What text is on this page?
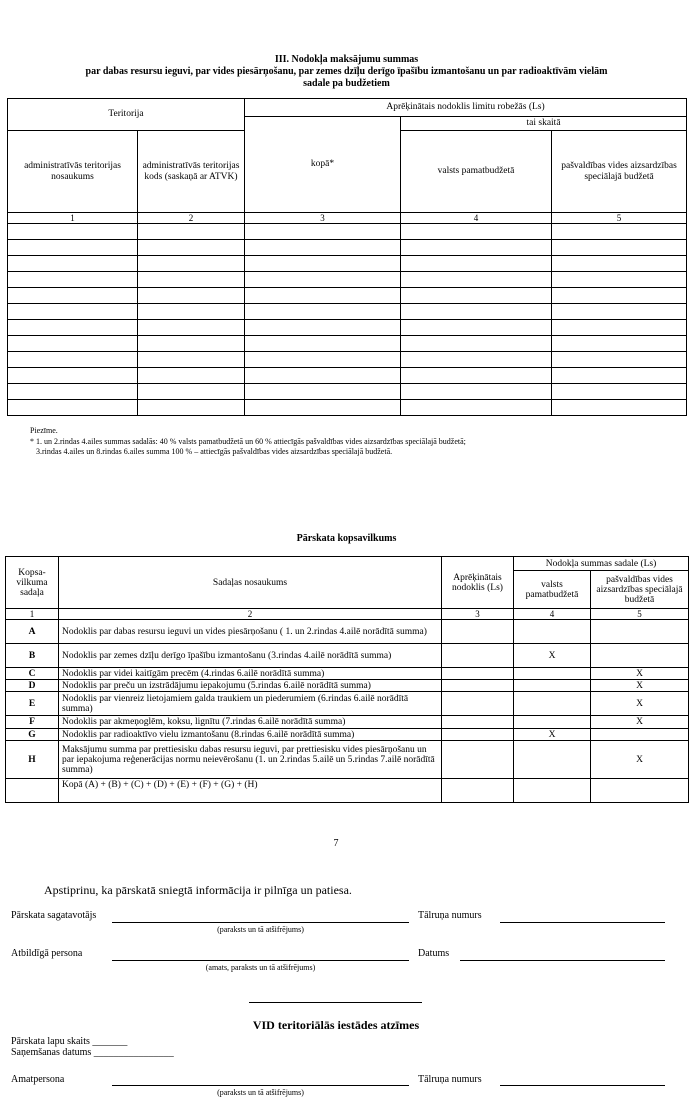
III. Nodokļa maksājumu summas
par dabas resursu ieguvi, par vides piesārņošanu, par zemes dzīļu derīgo īpašību izmantošanu un par radioaktīvām vielām
sadale pa budžetiem
Teritorija		Aprēķinātais nodoklis limitu robežās (Ls)		
		kopā*	tai skaitā	
administratīvās teritorijas nosaukums	administratīvās teritorijas kods (saskaņā ar ATVK)		valsts pamatbudžetā	pašvaldības vides aizsardzības speciālajā budžetā
1	2	3	4	5

Piezīme.
* 1. un 2.rindas 4.ailes summas sadalās: 40 % valsts pamatbudžetā un 60 % attiecīgās pašvaldības vides aizsardzības speciālajā budžetā;
3.rindas 4.ailes un 8.rindas 6.ailes summa 100 % – attiecīgās pašvaldības vides aizsardzības speciālajā budžetā.
Pārskata kopsavilkums
Kopsa-vilkuma sadaļa	Sadaļas nosaukums	Aprēķinātais nodoklis (Ls)	Nodokļa summas sadale (Ls)	
			valsts pamatbudžetā	pašvaldības vides aizsardzības speciālajā budžetā
1	2	3	4	5
A	Nodoklis par dabas resursu ieguvi un vides piesārņošanu ( 1. un 2.rindas 4.ailē norādītā summa)			
B	Nodoklis par zemes dzīļu derīgo īpašību izmantošanu (3.rindas 4.ailē norādītā summa)		X	
C	Nodoklis par videi kaitīgām precēm (4.rindas 6.ailē norādītā summa)			X
D	Nodoklis par preču un izstrādājumu iepakojumu (5.rindas 6.ailē norādītā summa)			X
E	Nodoklis par vienreiz lietojamiem galda traukiem un piederumiem (6.rindas 6.ailē norādītā summa)			X
F	Nodoklis par akmeņoglēm, koksu, lignītu (7.rindas 6.ailē norādītā summa)			X
G	Nodoklis par radioaktīvo vielu izmantošanu (8.rindas 6.ailē norādītā summa)		X	
H	Maksājumu summa par prettiesisku dabas resursu ieguvi, par prettiesisku vides piesārņošanu un par iepakojuma reģenerācijas normu neievērošanu (1. un 2.rindas 5.ailē un 5.rindas 7.ailē norādītā summa)			X
	Kopā (A) + (B) + (C) + (D) + (E) + (F) + (G) + (H)			
7
Apstiprinu, ka pārskatā sniegtā informācija ir pilnīga un patiesa.
Pārskata sagatavotājs
(paraksts un tā atšifrējums)
Tālruņa numurs
Atbildīgā persona
(amats, paraksts un tā atšifrējums)
Datums
VID teritoriālās iestādes atzīmes
Pārskata lapu skaits _______
Saņemšanas datums ________________
Amatpersona
(paraksts un tā atšifrējums)
Tālruņa numurs
